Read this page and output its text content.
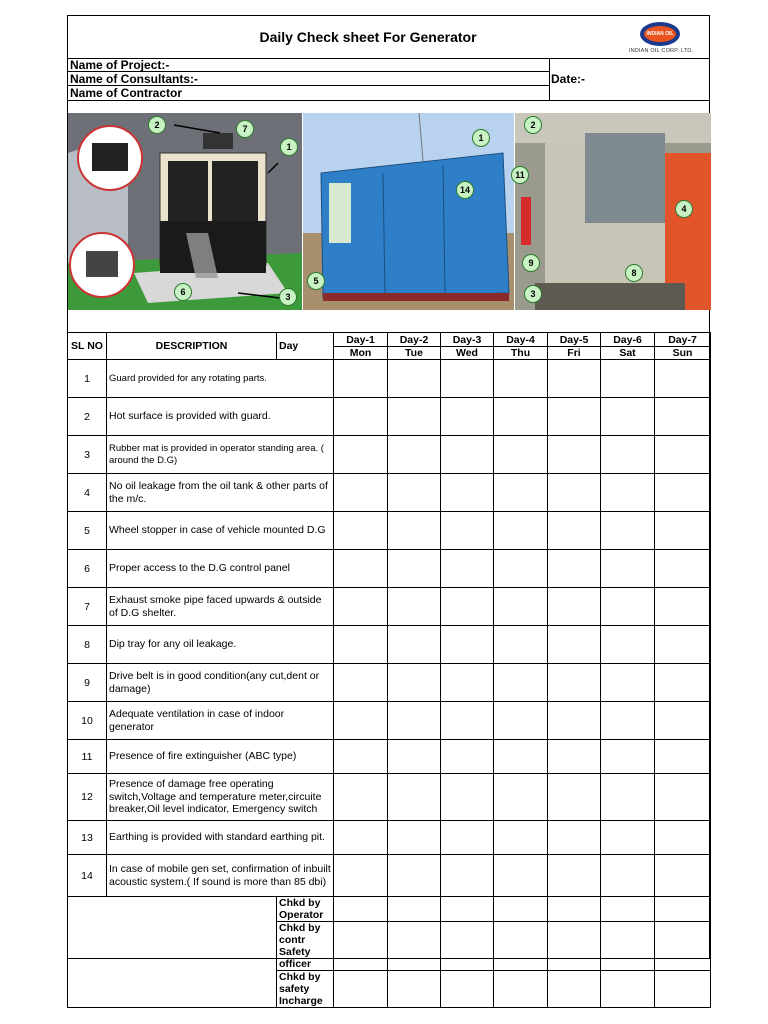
Daily Check sheet For Generator	INDIAN OIL
INDIAN OIL CORP. LTD.
Name of Project:-
Name of Consultants:-
Name of Contractor
Date:-
2	7
1
6	3
1
14
5
2
11
4
9
8
3
SL NO	DESCRIPTION	Day	Day-1	Day-2	Day-3	Day-4	Day-5	Day-6	Day-7
			Mon	Tue	Wed	Thu	Fri	Sat	Sun
1	Guard provided for any rotating parts.								
2	Hot surface is provided with guard.								
3	Rubber mat is provided in operator standing area. ( around the D.G)								
4	No oil leakage from the oil tank & other parts of the m/c.								
5	Wheel stopper in case of vehicle mounted D.G								
6	Proper access to the D.G control panel								
7	Exhaust smoke pipe faced upwards & outside of D.G shelter.								
8	Dip tray for any oil leakage.								
9	Drive belt is in good condition(any cut,dent or damage)								
10	Adequate ventilation in case of indoor generator								
11	Presence of fire extinguisher (ABC type)								
12	Presence of damage free operating switch,Voltage and temperature meter,circuite breaker,Oil level indicator, Emergency switch								
13	Earthing is provided with standard earthing pit.								
14	In case of mobile gen set, confirmation of inbuilt acoustic system.( If sound is more than 85 dbi)								
		Chkd by Operator							
		Chkd by contr Safety officer							
		Chkd by safety Incharge							
